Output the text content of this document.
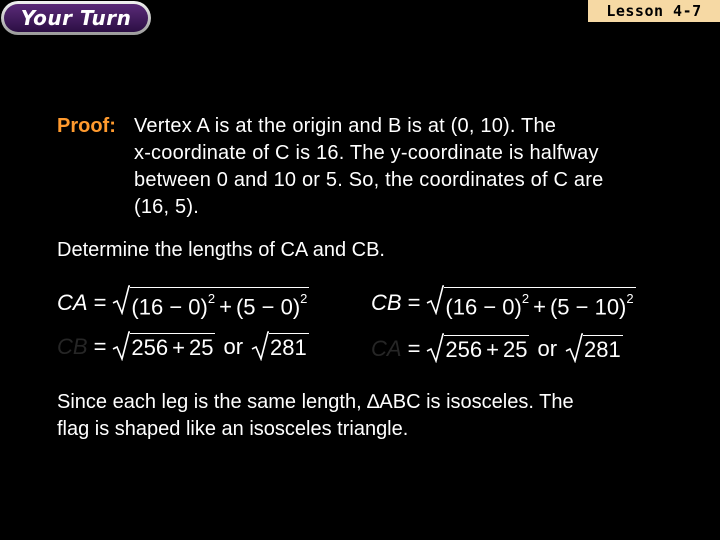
Your Turn	Lesson 4-7
Proof: Vertex A is at the origin and B is at (0, 10). The
x-coordinate of C is 16. The y-coordinate is halfway
between 0 and 10 or 5. So, the coordinates of C are
(16, 5).
Determine the lengths of CA and CB.
CA = $(16 - 0)^2 + (5 - 0)^2$	CB = $(16 - 0)^2 + (5 - 10)^2$
CB = 256 + 25 or 281	CA = 256 + 25 or 281
Since each leg is the same length, ∆ABC is isosceles. The
flag is shaped like an isosceles triangle.
